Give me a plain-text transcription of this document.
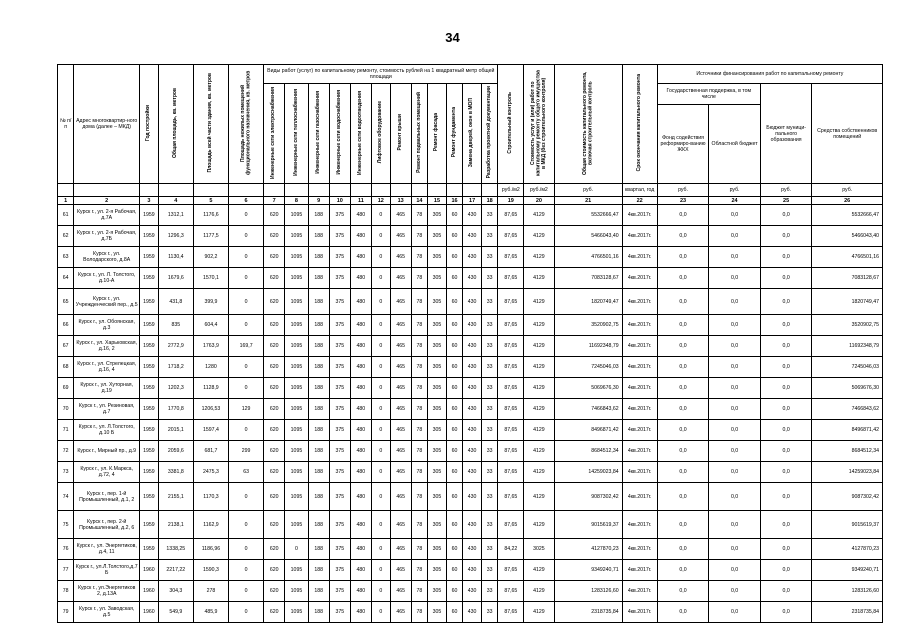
34
№ п/п	Адрес многоквартир-ного дома (далее – МКД)	Год постройки	Общая площадь, кв. метров	Площадь всей части здания, кв. метров	Площадь нежилых помещений функционального назначения, кв. метров	Виды работ (услуг) по капитальному ремонту, стоимость рублей на 1 квадратный метр общей площади												Строительный контроль	Стоимость услуг и (или) работ по капитальному ремонту общего имущества в МКД (без строительного контроля)	Общая стоимость капитального ремонта, включая строительный контроль	Срок окончания капитального ремонта	Источники финансирования работ по капитальному ремонту			
						Инженерные сети электроснабжения	Инженерные сети теплоснабжения	Инженерные сети газоснабжения	Инженерные сети водоснабжения	Инженерные сети водоотведения	Лифтовое оборудование	Ремонт крыши	Ремонт подвальных помещений	Ремонт фасада	Ремонт фундамента	Замена дверей, окон в МОП	Разработка проектной документации					Государственная поддержка, в том числе		Бюджет муници-пального образования	Средства собственников помещений
																						Фонд содействия реформиро-ванию ЖКХ	Областной бюджет		
																		руб./м2	руб./м2	руб.	квартал, год	руб.	руб.	руб.	руб.
1	2	3	4	5	6	7	8	9	10	11	12	13	14	15	16	17	18	19	20	21	22	23	24	25	26
61	Курск г., ул. 2-я Рабочая, д.7А	1959	1312,1	1176,6	0	620	1095	188	375	480	0	465	78	305	60	430	33	87,65	4129	5532666,47	4кв.2017г.	0,0	0,0	0,0	5532666,47
62	Курск г., ул. 2-я Рабочая, д.7Б	1959	1296,3	1177,5	0	620	1095	188	375	480	0	465	78	305	60	430	33	87,65	4129	5466043,40	4кв.2017г.	0,0	0,0	0,0	5466043,40
63	Курск г., ул. Володарского, д.8А	1959	1130,4	902,2	0	620	1095	188	375	480	0	465	78	305	60	430	33	87,65	4129	4766501,16	4кв.2017г.	0,0	0,0	0,0	4766501,16
64	Курск г., ул. Л. Толстого, д.10-А	1959	1679,6	1570,1	0	620	1095	188	375	480	0	465	78	305	60	430	33	87,65	4129	7083128,67	4кв.2017г.	0,0	0,0	0,0	7083128,67
65	Курск г., ул. Учрежденческий пер., д.5	1959	431,8	399,9	0	620	1095	188	375	480	0	465	78	305	60	430	33	87,65	4129	1820749,47	4кв.2017г.	0,0	0,0	0,0	1820749,47
66	Курск г., ул. Обоянская, д.3	1959	835	604,4	0	620	1095	188	375	480	0	465	78	305	60	430	33	87,65	4129	3520902,75	4кв.2017г.	0,0	0,0	0,0	3520902,75
67	Курск г., ул. Харьковская, д.16, 2	1959	2772,9	1763,9	169,7	620	1095	188	375	480	0	465	78	305	60	430	33	87,65	4129	11692348,79	4кв.2017г.	0,0	0,0	0,0	11692348,79
68	Курск г., ул. Стрелецкая, д.16, 4	1959	1718,2	1280	0	620	1095	188	375	480	0	465	78	305	60	430	33	87,65	4129	7245046,03	4кв.2017г.	0,0	0,0	0,0	7245046,03
69	Курск г., ул. Хуторная, д.19	1959	1202,3	1128,9	0	620	1095	188	375	480	0	465	78	305	60	430	33	87,65	4129	5069676,30	4кв.2017г.	0,0	0,0	0,0	5069676,30
70	Курск г., ул. Резиновая, д.7	1959	1770,8	1206,53	129	620	1095	188	375	480	0	465	78	305	60	430	33	87,65	4129	7466843,62	4кв.2017г.	0,0	0,0	0,0	7466843,62
71	Курск г., ул. Л.Толстого, д.10 Б	1959	2015,1	1597,4	0	620	1095	188	375	480	0	465	78	305	60	430	33	87,65	4129	8496871,42	4кв.2017г.	0,0	0,0	0,0	8496871,42
72	Курск г., Мирный пр., д.9	1959	2059,6	681,7	299	620	1095	188	375	480	0	465	78	305	60	430	33	87,65	4129	8684512,34	4кв.2017г.	0,0	0,0	0,0	8684512,34
73	Курск г., ул. К.Маркса, д.72, 4	1959	3381,8	2475,3	63	620	1095	188	375	480	0	465	78	305	60	430	33	87,65	4129	14259023,84	4кв.2017г.	0,0	0,0	0,0	14259023,84
74	Курск г., пер. 1-й Промышленный, д.1, 2	1959	2155,1	1170,3	0	620	1095	188	375	480	0	465	78	305	60	430	33	87,65	4129	9087302,42	4кв.2017г.	0,0	0,0	0,0	9087302,42
75	Курск г., пер. 2-й Промышленный, д.2, 6	1959	2138,1	1162,9	0	620	1095	188	375	480	0	465	78	305	60	430	33	87,65	4129	9015619,37	4кв.2017г.	0,0	0,0	0,0	9015619,37
76	Курск г., ул. Энергетиков, д.4, 11	1959	1338,25	1186,96	0	620	0	188	375	480	0	465	78	305	60	430	33	84,22	3025	4127870,23	4кв.2017г.	0,0	0,0	0,0	4127870,23
77	Курск г., ул.Л.Толстого,д.7 Б	1960	2217,22	1590,3	0	620	1095	188	375	480	0	465	78	305	60	430	33	87,65	4129	9349240,71	4кв.2017г.	0,0	0,0	0,0	9349240,71
78	Курск г., ул.Энергетиков 2, д.13А	1960	304,3	278	0	620	1095	188	375	480	0	465	78	305	60	430	33	87,65	4129	1283126,60	4кв.2017г.	0,0	0,0	0,0	1283126,60
79	Курск г., ул. Заводская, д.5	1960	549,9	485,9	0	620	1095	188	375	480	0	465	78	305	60	430	33	87,65	4129	2318735,84	4кв.2017г.	0,0	0,0	0,0	2318735,84
